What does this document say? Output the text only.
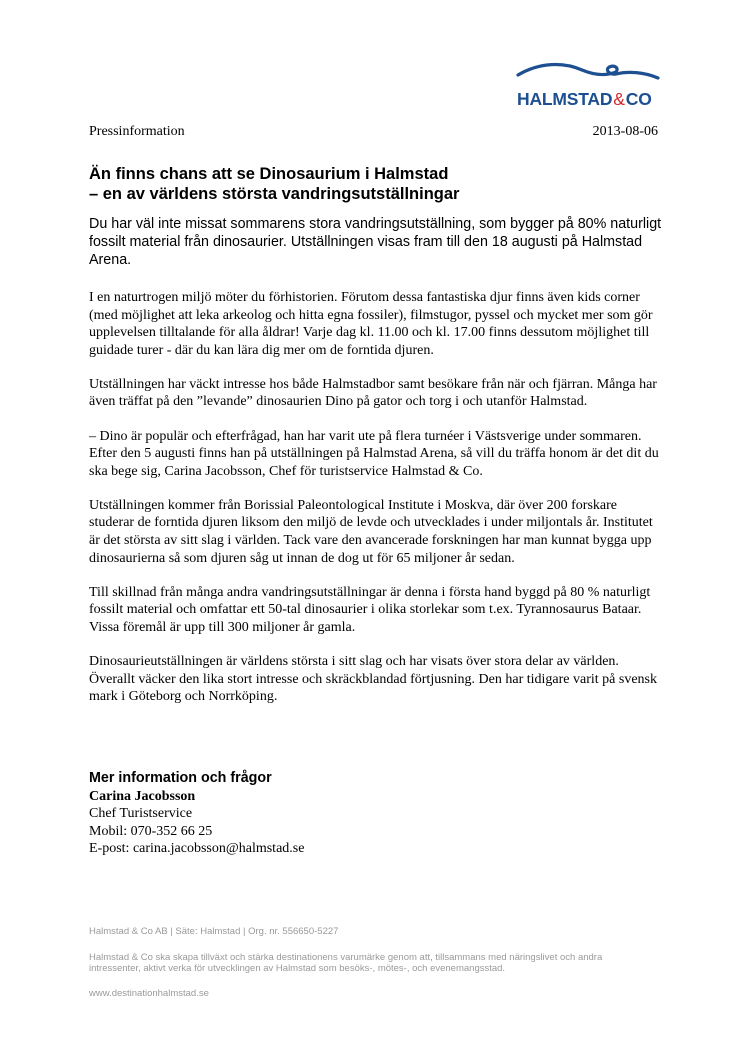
HALMSTAD&CO
Pressinformation	2013-08-06
Än finns chans att se Dinosaurium i Halmstad
– en av världens största vandringsutställningar
Du har väl inte missat sommarens stora vandringsutställning, som bygger på 80% naturligt fossilt material från dinosaurier. Utställningen visas fram till den 18 augusti på Halmstad Arena.

I en naturtrogen miljö möter du förhistorien. Förutom dessa fantastiska djur finns även kids corner (med möjlighet att leka arkeolog och hitta egna fossiler), filmstugor, pyssel och mycket mer som gör upplevelsen tilltalande för alla åldrar! Varje dag kl. 11.00 och kl. 17.00 finns dessutom möjlighet till guidade turer - där du kan lära dig mer om de forntida djuren.

Utställningen har väckt intresse hos både Halmstadbor samt besökare från när och fjärran. Många har även träffat på den ”levande” dinosaurien Dino på gator och torg i och utanför Halmstad.

– Dino är populär och efterfrågad, han har varit ute på flera turnéer i Västsverige under sommaren. Efter den 5 augusti finns han på utställningen på Halmstad Arena, så vill du träffa honom är det dit du ska bege sig, Carina Jacobsson, Chef för turistservice Halmstad & Co.

Utställningen kommer från Borissial Paleontological Institute i Moskva, där över 200 forskare studerar de forntida djuren liksom den miljö de levde och utvecklades i under miljontals år. Institutet är det största av sitt slag i världen. Tack vare den avancerade forskningen har man kunnat bygga upp dinosaurierna så som djuren såg ut innan de dog ut för 65 miljoner år sedan.

Till skillnad från många andra vandringsutställningar är denna i första hand byggd på 80 % naturligt fossilt material och omfattar ett 50-tal dinosaurier i olika storlekar som t.ex. Tyrannosaurus Bataar. Vissa föremål är upp till 300 miljoner år gamla.

Dinosaurieutställningen är världens största i sitt slag och har visats över stora delar av världen. Överallt väcker den lika stort intresse och skräckblandad förtjusning. Den har tidigare varit på svensk mark i Göteborg och Norrköping.

Mer information och frågor
Carina Jacobsson
Chef Turistservice
Mobil: 070-352 66 25
E-post: carina.jacobsson@halmstad.se
Halmstad & Co AB | Säte: Halmstad | Org. nr. 556650-5227
Halmstad & Co ska skapa tillväxt och stärka destinationens varumärke genom att, tillsammans med näringslivet och andra intressenter, aktivt verka för utvecklingen av Halmstad som besöks-, mötes-, och evenemangsstad.
www.destinationhalmstad.se
